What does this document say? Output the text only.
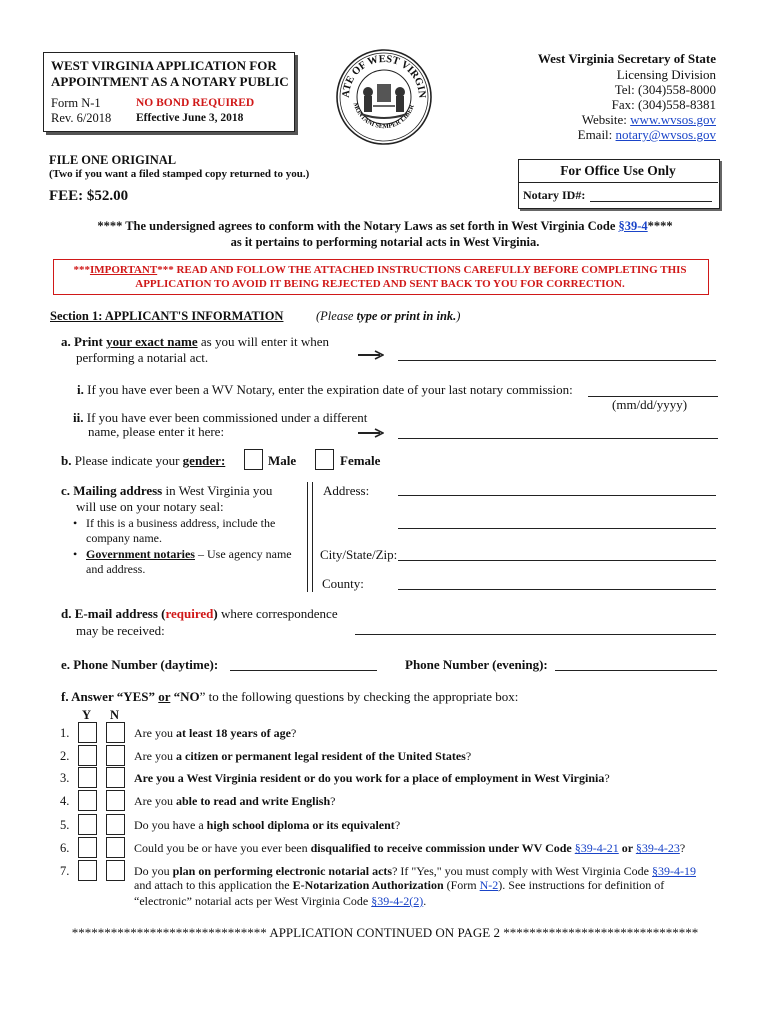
WEST VIRGINIA APPLICATION FOR
APPOINTMENT AS A NOTARY PUBLIC
Form N-1
Rev. 6/2018
NO BOND REQUIRED
Effective June 3, 2018
ATE OF WEST VIRGIN
MONTANI SEMPER LIBER
West Virginia Secretary of State
Licensing Division
Tel: (304)558-8000
Fax: (304)558-8381
Website: www.wvsos.gov
Email: notary@wvsos.gov
FILE ONE ORIGINAL
(Two if you want a filed stamped copy returned to you.)
FEE: $52.00
For Office Use Only
Notary ID#:
**** The undersigned agrees to conform with the Notary Laws as set forth in West Virginia Code §39-4****
as it pertains to performing notarial acts in West Virginia.
***IMPORTANT*** READ AND FOLLOW THE ATTACHED INSTRUCTIONS CAREFULLY BEFORE COMPLETING THIS
APPLICATION TO AVOID IT BEING REJECTED AND SENT BACK TO YOU FOR CORRECTION.
Section 1: APPLICANT'S INFORMATION	(Please type or print in ink.)
a. Print your exact name as you will enter it when
performing a notarial act.
i. If you have ever been a WV Notary, enter the expiration date of your last notary commission:
(mm/dd/yyyy)
ii. If you have ever been commissioned under a different
name, please enter it here:
b. Please indicate your gender:	Male	Female
c. Mailing address in West Virginia you
will use on your notary seal:
• If this is a business address, include the
company name.
• Government notaries – Use agency name
and address.
Address:
City/State/Zip:
County:
d. E-mail address (required) where correspondence
may be received:
e. Phone Number (daytime):	Phone Number (evening):
f. Answer “YES” or “NO” to the following questions by checking the appropriate box:
Y N
1.	Are you at least 18 years of age?
2.	Are you a citizen or permanent legal resident of the United States?
3.	Are you a West Virginia resident or do you work for a place of employment in West Virginia?
4.	Are you able to read and write English?
5.	Do you have a high school diploma or its equivalent?
6.	Could you be or have you ever been disqualified to receive commission under WV Code §39-4-21 or §39-4-23?
7.	Do you plan on performing electronic notarial acts? If "Yes," you must comply with West Virginia Code §39-4-19
and attach to this application the E-Notarization Authorization (Form N-2). See instructions for definition of
“electronic” notarial acts per West Virginia Code §39-4-2(2).
****************************** APPLICATION CONTINUED ON PAGE 2 ******************************
